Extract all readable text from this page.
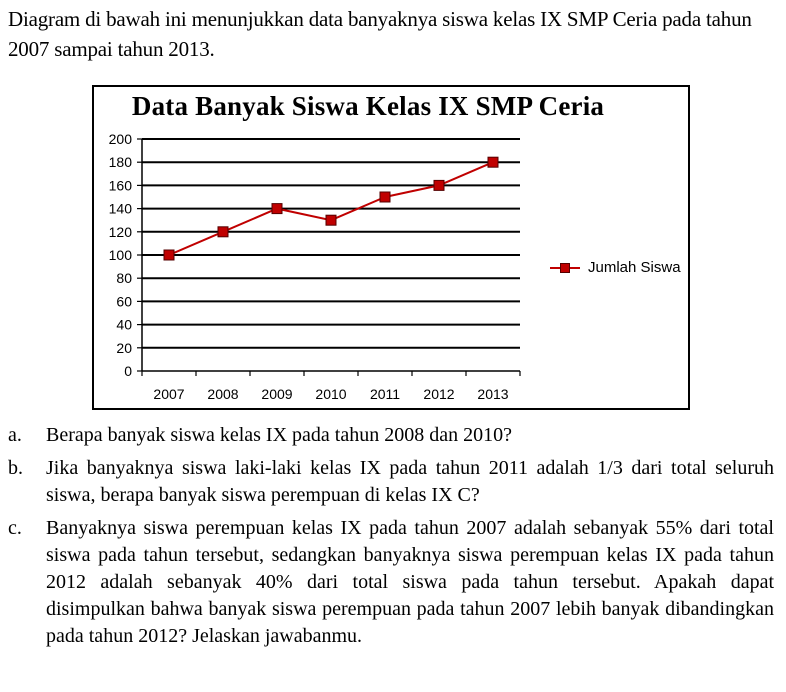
Diagram di bawah ini menunjukkan data banyaknya siswa kelas IX SMP Ceria pada tahun 2007 sampai tahun 2013.
Data Banyak Siswa Kelas IX SMP Ceria
0
20
40
60
80
100
120
140
160
180
200
2007 2008 2009 2010 2011 2012 2013
Jumlah Siswa
a. Berapa banyak siswa kelas IX pada tahun 2008 dan 2010?
b. Jika banyaknya siswa laki-laki kelas IX pada tahun 2011 adalah 1/3 dari total seluruh siswa, berapa banyak siswa perempuan di kelas IX C?
c. Banyaknya siswa perempuan kelas IX pada tahun 2007 adalah sebanyak 55% dari total siswa pada tahun tersebut, sedangkan banyaknya siswa perempuan kelas IX pada tahun 2012 adalah sebanyak 40% dari total siswa pada tahun tersebut. Apakah dapat disimpulkan bahwa banyak siswa perempuan pada tahun 2007 lebih banyak dibandingkan pada tahun 2012? Jelaskan jawabanmu.
